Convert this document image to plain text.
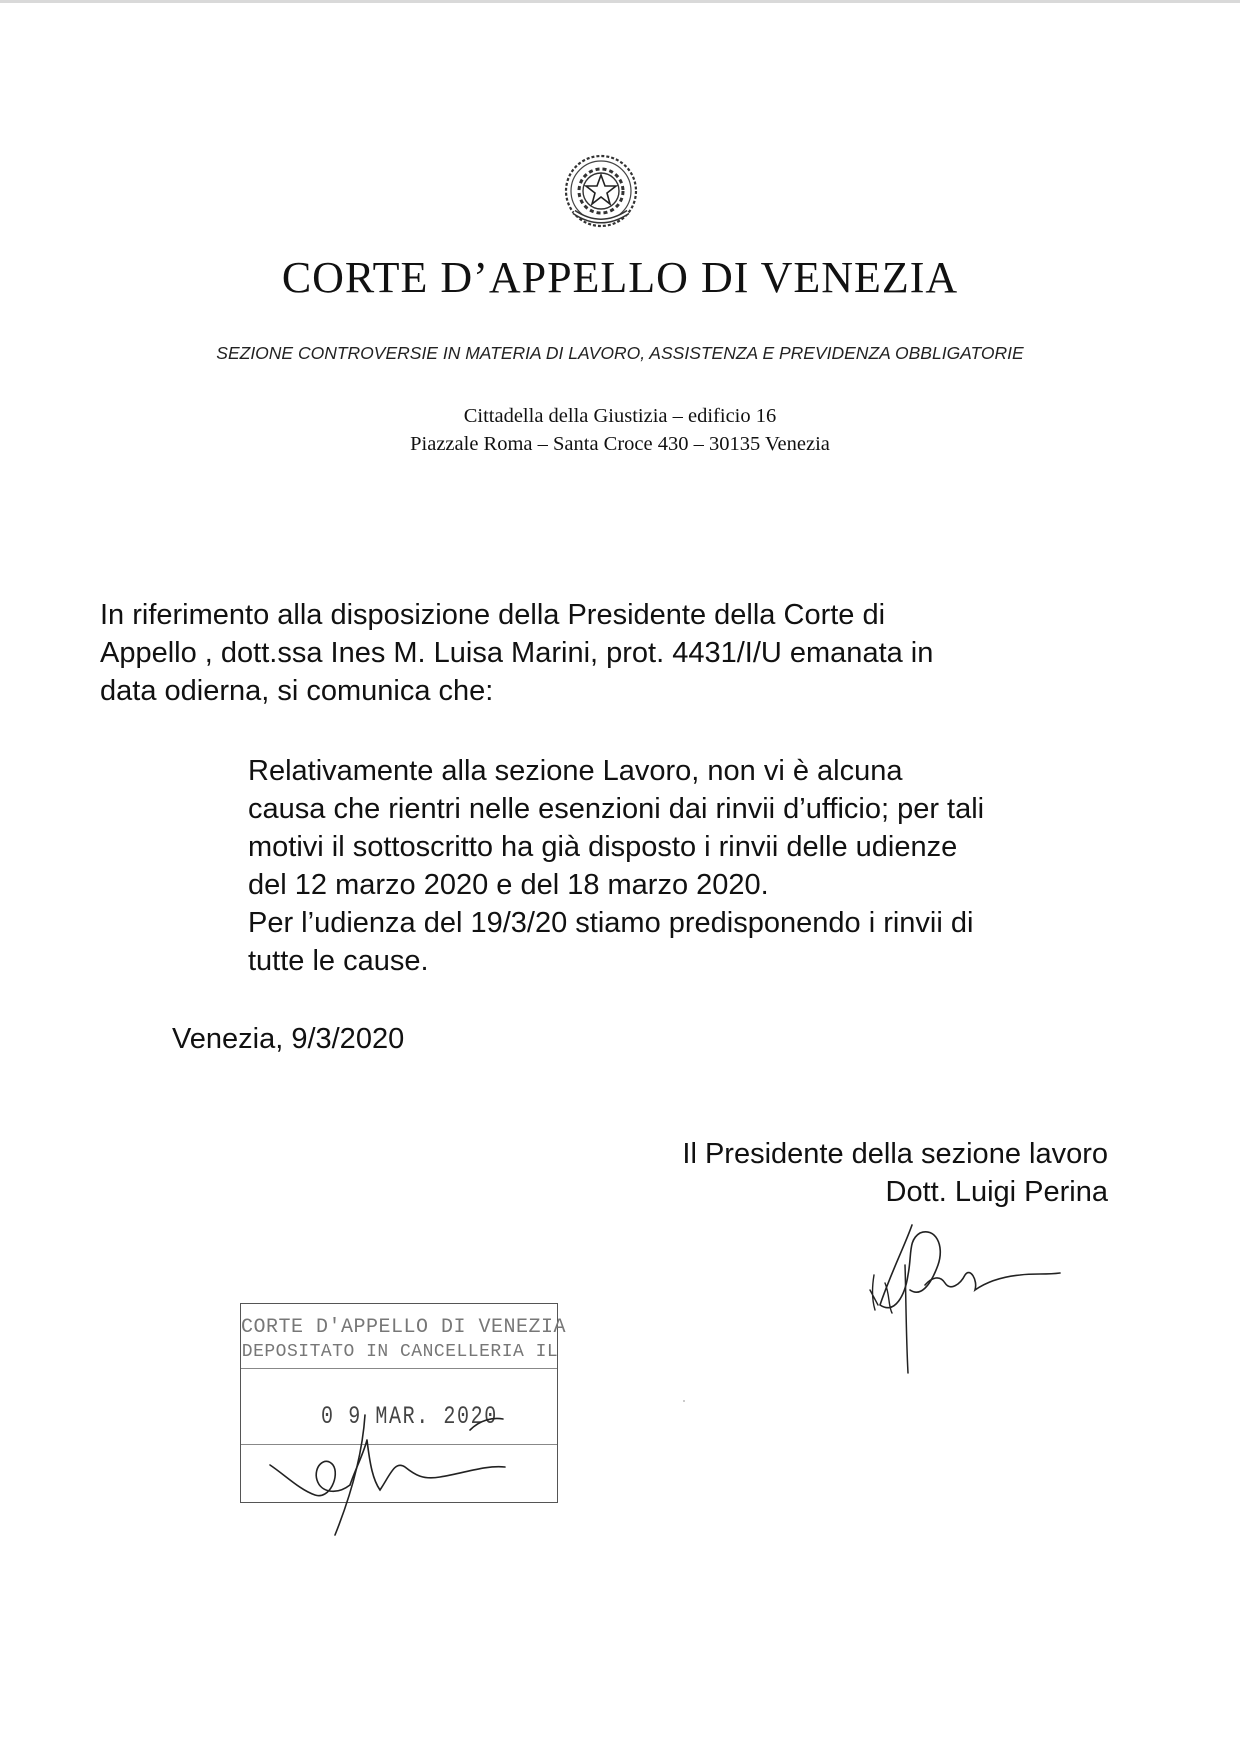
CORTE D’APPELLO DI VENEZIA
SEZIONE CONTROVERSIE IN MATERIA DI LAVORO, ASSISTENZA E PREVIDENZA OBBLIGATORIE
Cittadella della Giustizia – edificio 16
Piazzale Roma – Santa Croce 430 – 30135 Venezia
In riferimento alla disposizione della Presidente della Corte di
Appello , dott.ssa Ines M. Luisa Marini, prot. 4431/I/U emanata in
data odierna, si comunica che:
Relativamente alla sezione Lavoro, non vi è alcuna
causa che rientri nelle esenzioni dai rinvii d’ufficio; per tali
motivi il sottoscritto ha già disposto i rinvii delle udienze
del 12 marzo 2020 e del 18 marzo 2020.
Per l’udienza del 19/3/20 stiamo predisponendo i rinvii di
tutte le cause.
Venezia, 9/3/2020
Il Presidente della sezione lavoro
Dott. Luigi Perina
CORTE D'APPELLO DI VENEZIA
DEPOSITATO IN CANCELLERIA IL
0 9 MAR. 2020
